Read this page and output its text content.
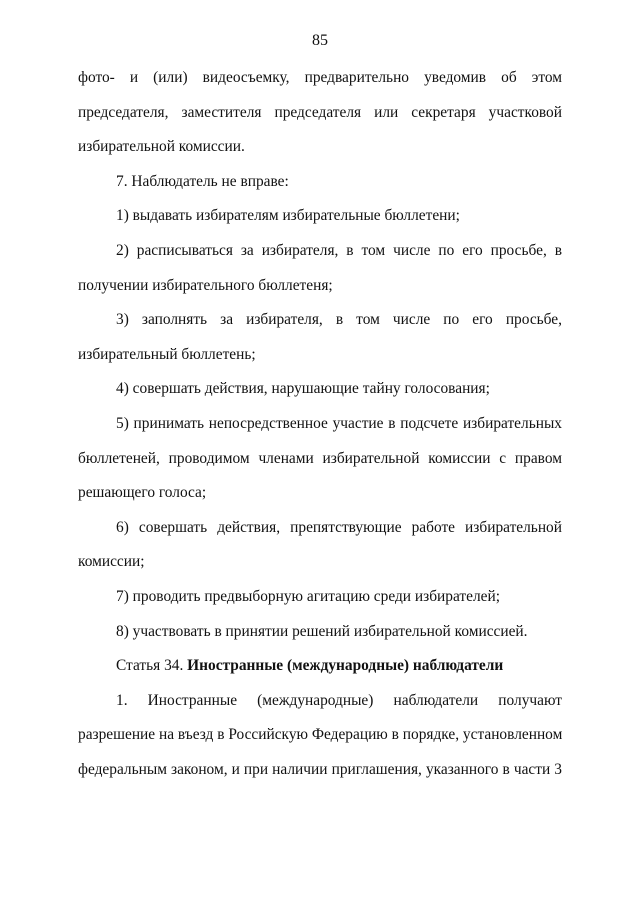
85
фото- и (или) видеосъемку, предварительно уведомив об этом
председателя, заместителя председателя или секретаря участковой
избирательной комиссии.
7. Наблюдатель не вправе:
1) выдавать избирателям избирательные бюллетени;
2) расписываться за избирателя, в том числе по его просьбе, в
получении избирательного бюллетеня;
3) заполнять за избирателя, в том числе по его просьбе,
избирательный бюллетень;
4) совершать действия, нарушающие тайну голосования;
5) принимать непосредственное участие в подсчете избирательных
бюллетеней, проводимом членами избирательной комиссии с правом
решающего голоса;
6) совершать действия, препятствующие работе избирательной
комиссии;
7) проводить предвыборную агитацию среди избирателей;
8) участвовать в принятии решений избирательной комиссией.
Статья 34. Иностранные (международные) наблюдатели
1. Иностранные (международные) наблюдатели получают
разрешение на въезд в Российскую Федерацию в порядке, установленном
федеральным законом, и при наличии приглашения, указанного в части 3
